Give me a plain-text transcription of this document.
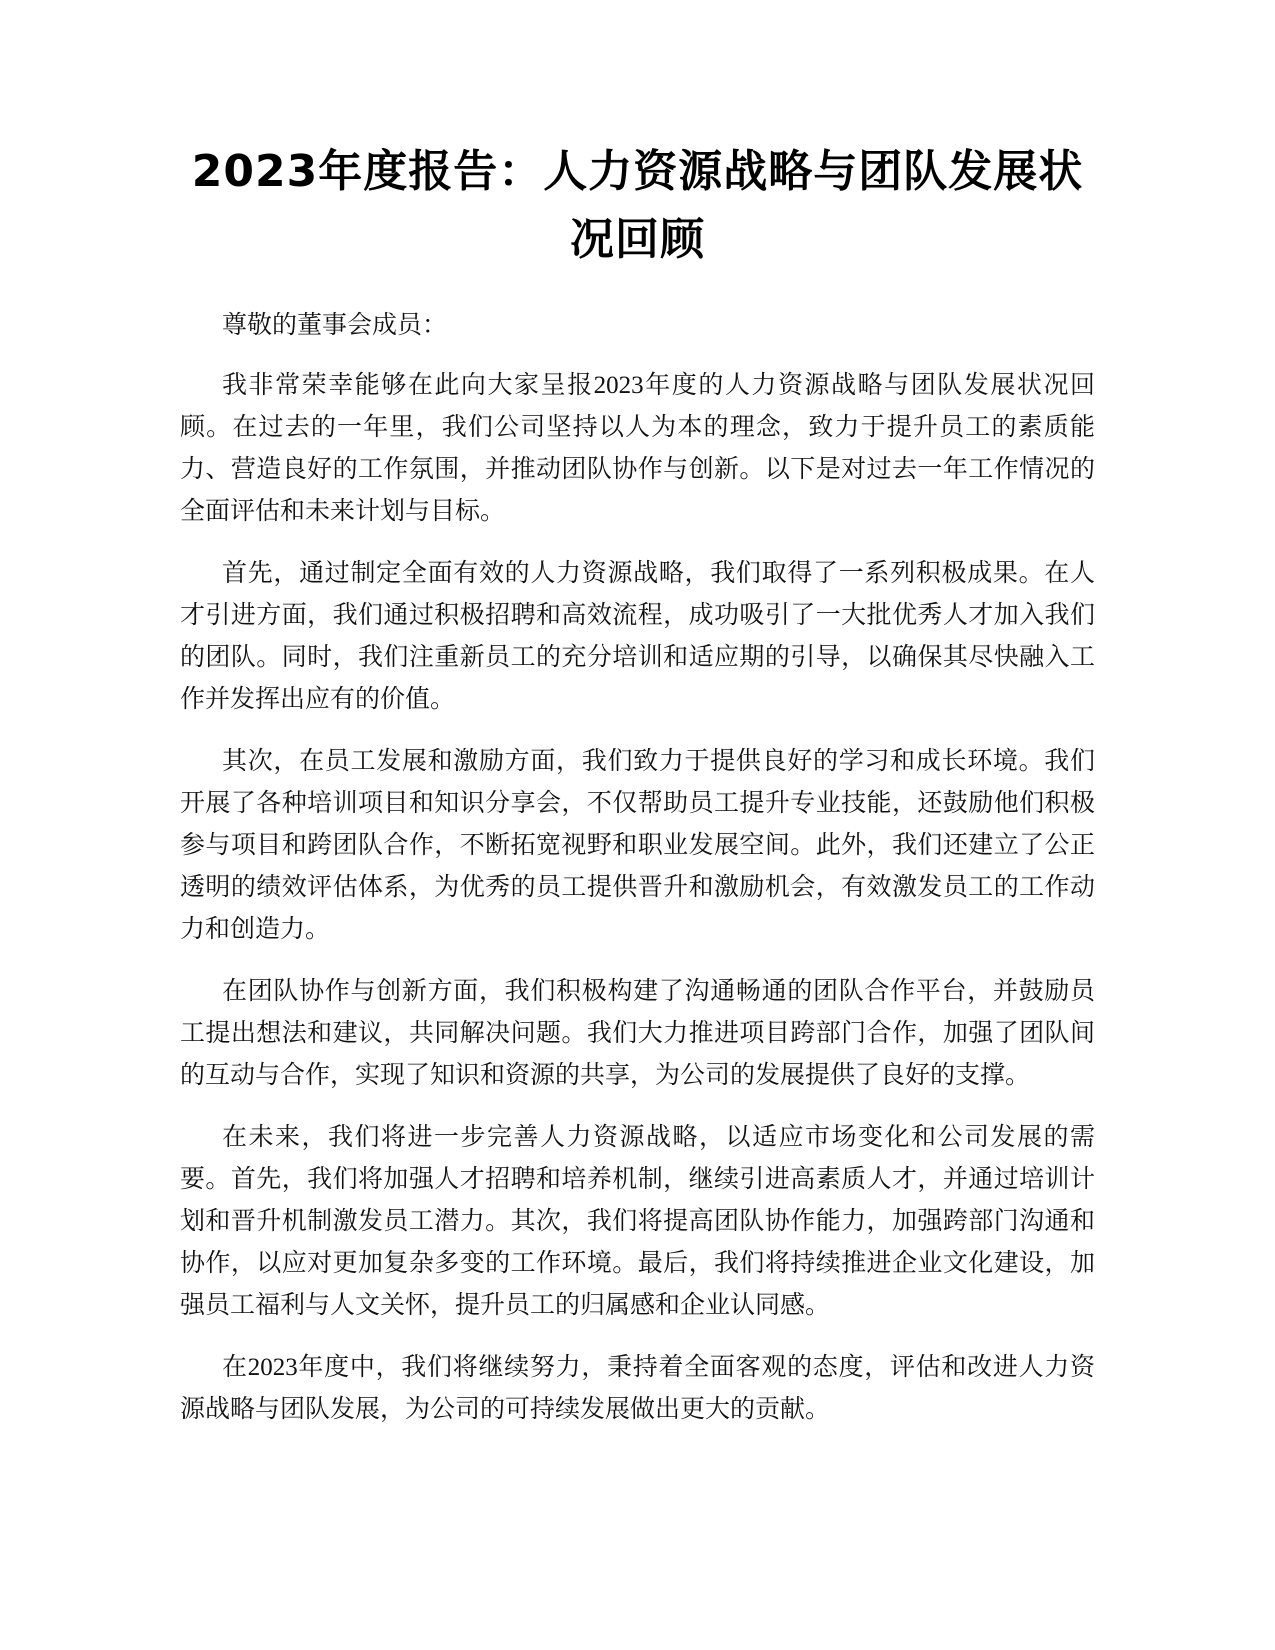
2023年度报告：人力资源战略与团队发展状况回顾

尊敬的董事会成员：

我非常荣幸能够在此向大家呈报2023年度的人力资源战略与团队发展状况回顾。在过去的一年里，我们公司坚持以人为本的理念，致力于提升员工的素质能力、营造良好的工作氛围，并推动团队协作与创新。以下是对过去一年工作情况的全面评估和未来计划与目标。

首先，通过制定全面有效的人力资源战略，我们取得了一系列积极成果。在人才引进方面，我们通过积极招聘和高效流程，成功吸引了一大批优秀人才加入我们的团队。同时，我们注重新员工的充分培训和适应期的引导，以确保其尽快融入工作并发挥出应有的价值。

其次，在员工发展和激励方面，我们致力于提供良好的学习和成长环境。我们开展了各种培训项目和知识分享会，不仅帮助员工提升专业技能，还鼓励他们积极参与项目和跨团队合作，不断拓宽视野和职业发展空间。此外，我们还建立了公正透明的绩效评估体系，为优秀的员工提供晋升和激励机会，有效激发员工的工作动力和创造力。

在团队协作与创新方面，我们积极构建了沟通畅通的团队合作平台，并鼓励员工提出想法和建议，共同解决问题。我们大力推进项目跨部门合作，加强了团队间的互动与合作，实现了知识和资源的共享，为公司的发展提供了良好的支撑。

在未来，我们将进一步完善人力资源战略，以适应市场变化和公司发展的需要。首先，我们将加强人才招聘和培养机制，继续引进高素质人才，并通过培训计划和晋升机制激发员工潜力。其次，我们将提高团队协作能力，加强跨部门沟通和协作，以应对更加复杂多变的工作环境。最后，我们将持续推进企业文化建设，加强员工福利与人文关怀，提升员工的归属感和企业认同感。

在2023年度中，我们将继续努力，秉持着全面客观的态度，评估和改进人力资源战略与团队发展，为公司的可持续发展做出更大的贡献。
